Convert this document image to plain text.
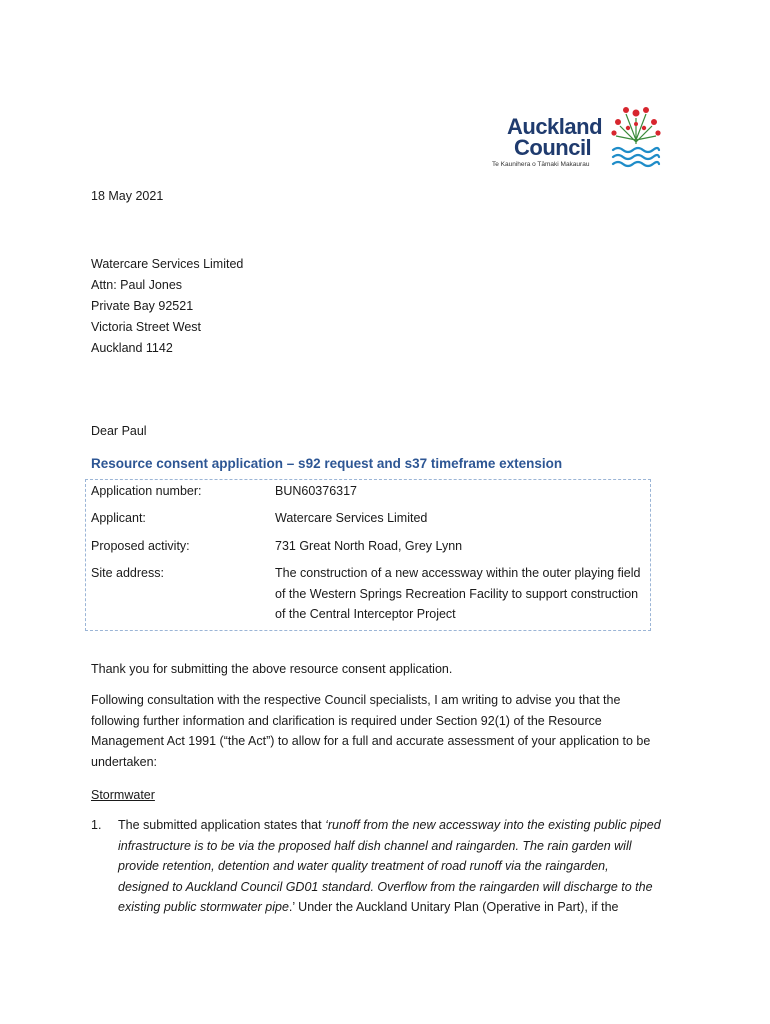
Auckland
Council
Te Kaunihera o Tāmaki Makaurau
18 May 2021
Watercare Services Limited
Attn: Paul Jones
Private Bay 92521
Victoria Street West
Auckland 1142
Dear Paul
Resource consent application – s92 request and s37 timeframe extension
Application number:	BUN60376317
Applicant:	Watercare Services Limited
Proposed activity:	731 Great North Road, Grey Lynn
Site address:	The construction of a new accessway within the outer playing field
of the Western Springs Recreation Facility to support construction
of the Central Interceptor Project
Thank you for submitting the above resource consent application.
Following consultation with the respective Council specialists, I am writing to advise you that the
following further information and clarification is required under Section 92(1) of the Resource
Management Act 1991 (“the Act”) to allow for a full and accurate assessment of your application to be
undertaken:
Stormwater
1. The submitted application states that ‘runoff from the new accessway into the existing public piped
infrastructure is to be via the proposed half dish channel and raingarden. The rain garden will
provide retention, detention and water quality treatment of road runoff via the raingarden,
designed to Auckland Council GD01 standard. Overflow from the raingarden will discharge to the
existing public stormwater pipe.’ Under the Auckland Unitary Plan (Operative in Part), if the
